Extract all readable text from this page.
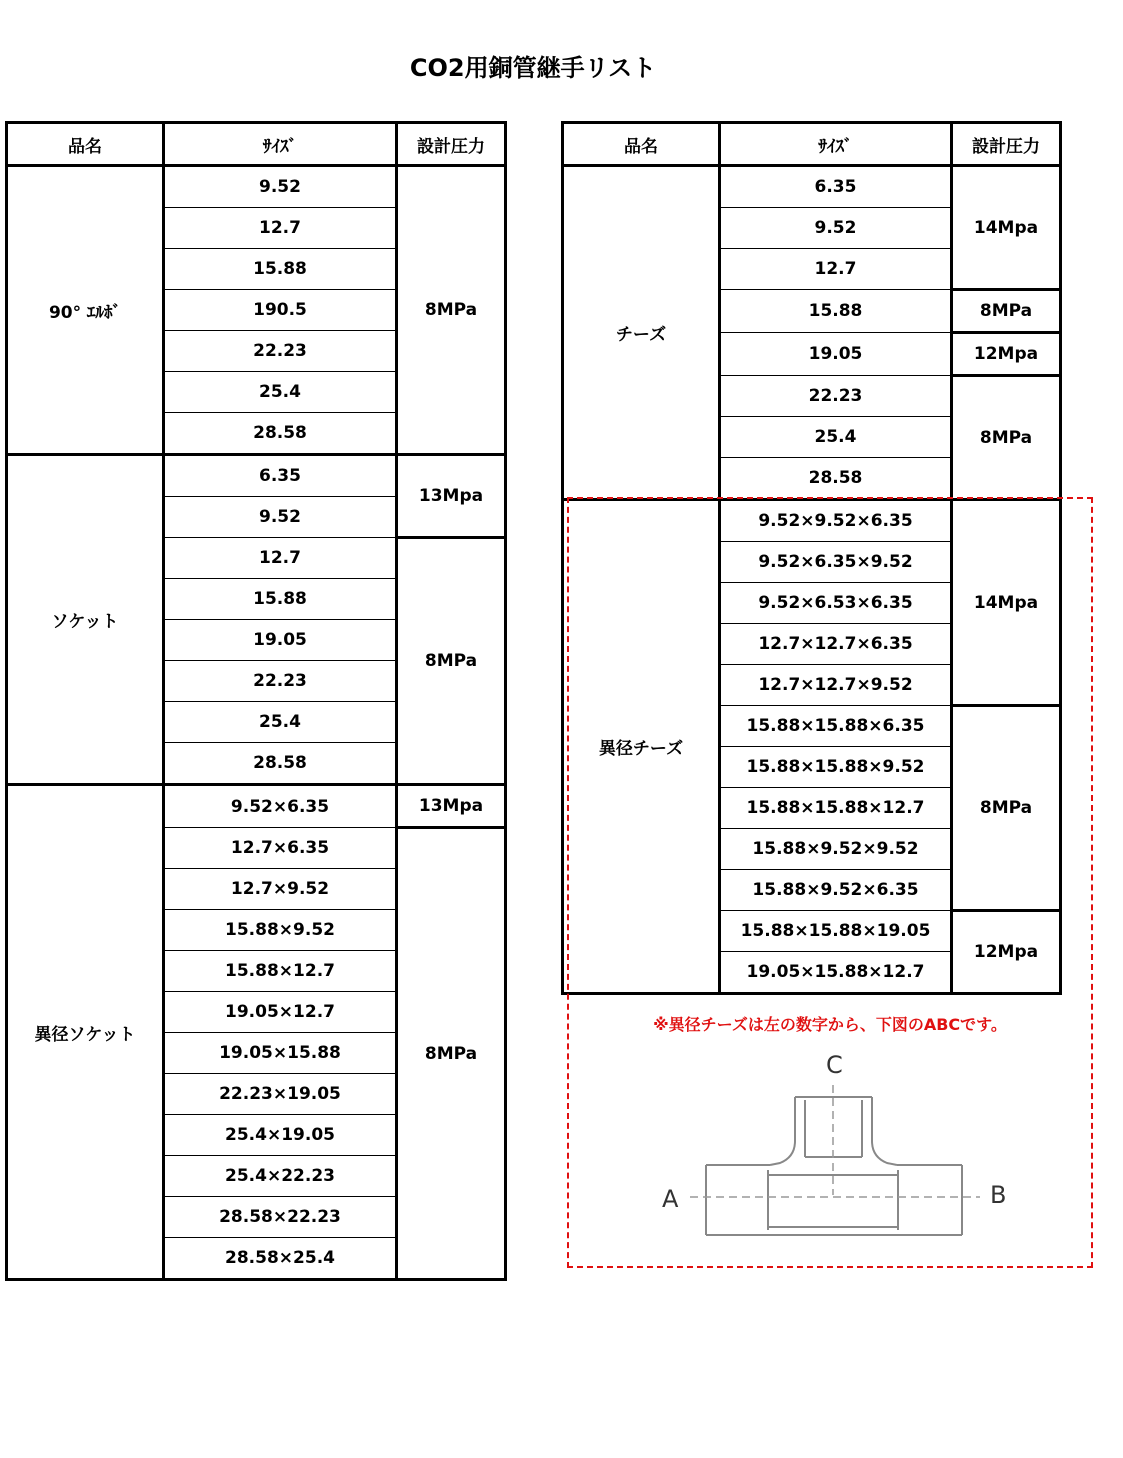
CO2用銅管継手リスト
品名	ｻｲｽﾞ	設計圧力
90° ｴﾙﾎﾞ	9.52	8MPa
	12.7	
	15.88	
	190.5	
	22.23	
	25.4	
	28.58	
ソケット	6.35	13Mpa
	9.52	
	12.7	8MPa
	15.88	
	19.05	
	22.23	
	25.4	
	28.58	
異径ソケット	9.52×6.35	13Mpa
	12.7×6.35	8MPa
	12.7×9.52	
	15.88×9.52	
	15.88×12.7	
	19.05×12.7	
	19.05×15.88	
	22.23×19.05	
	25.4×19.05	
	25.4×22.23	
	28.58×22.23	
	28.58×25.4	
品名	ｻｲｽﾞ	設計圧力
チーズ	6.35	14Mpa
	9.52	
	12.7	
	15.88	8MPa
	19.05	12Mpa
	22.23	8MPa
	25.4	
	28.58	
異径チーズ	9.52×9.52×6.35	14Mpa
	9.52×6.35×9.52	
	9.52×6.53×6.35	
	12.7×12.7×6.35	
	12.7×12.7×9.52	
	15.88×15.88×6.35	8MPa
	15.88×15.88×9.52	
	15.88×15.88×12.7	
	15.88×9.52×9.52	
	15.88×9.52×6.35	
	15.88×15.88×19.05	12Mpa
	19.05×15.88×12.7	
※異径チーズは左の数字から、下図のABCです。
C
A	B
